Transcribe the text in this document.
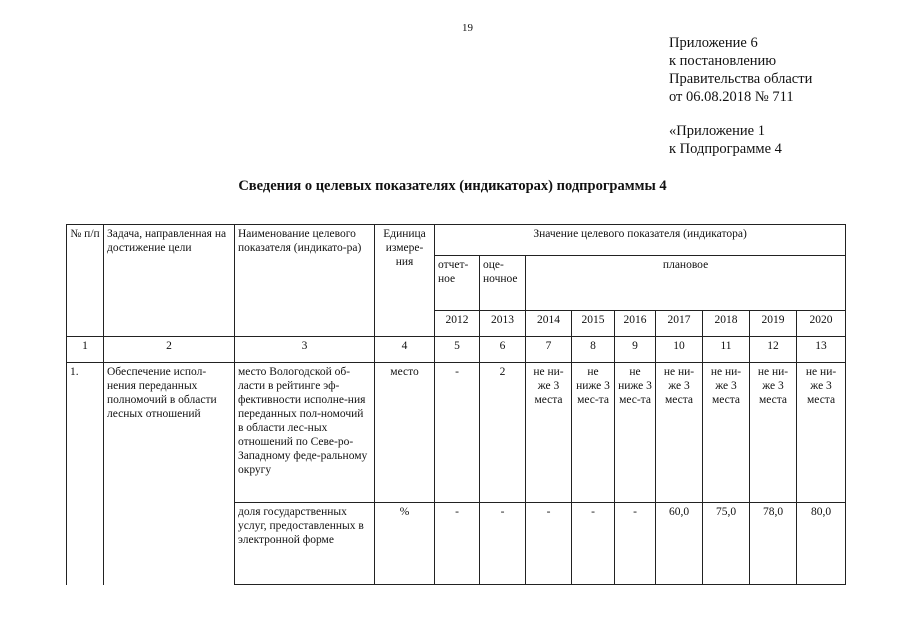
19
Приложение 6
к постановлению
Правительства области
от 06.08.2018 № 711
«Приложение 1
к Подпрограмме 4
Сведения о целевых показателях (индикаторах) подпрограммы 4
№ п/п	Задача, направленная на достижение цели	Наименование целевого показателя (индикато-ра)	Единица измере-ния	Значение целевого показателя (индикатора)								
				отчет-ное	оце-ночное	плановое						
				2012	2013	2014	2015	2016	2017	2018	2019	2020
1	2	3	4	5	6	7	8	9	10	11	12	13
1.	Обеспечение испол-нения переданных полномочий в области лесных отношений	место Вологодской об-ласти в рейтинге эф-фективности исполне-ния переданных пол-номочий в области лес-ных отношений по Севе-ро-Западному феде-ральному округу	место	-	2	не ни-же 3 места	не ниже 3 мес-та	не ниже 3 мес-та	не ни-же 3 места	не ни-же 3 места	не ни-же 3 места	не ни-же 3 места
		доля государственных услуг, предоставленных в электронной форме	%	-	-	-	-	-	60,0	75,0	78,0	80,0
